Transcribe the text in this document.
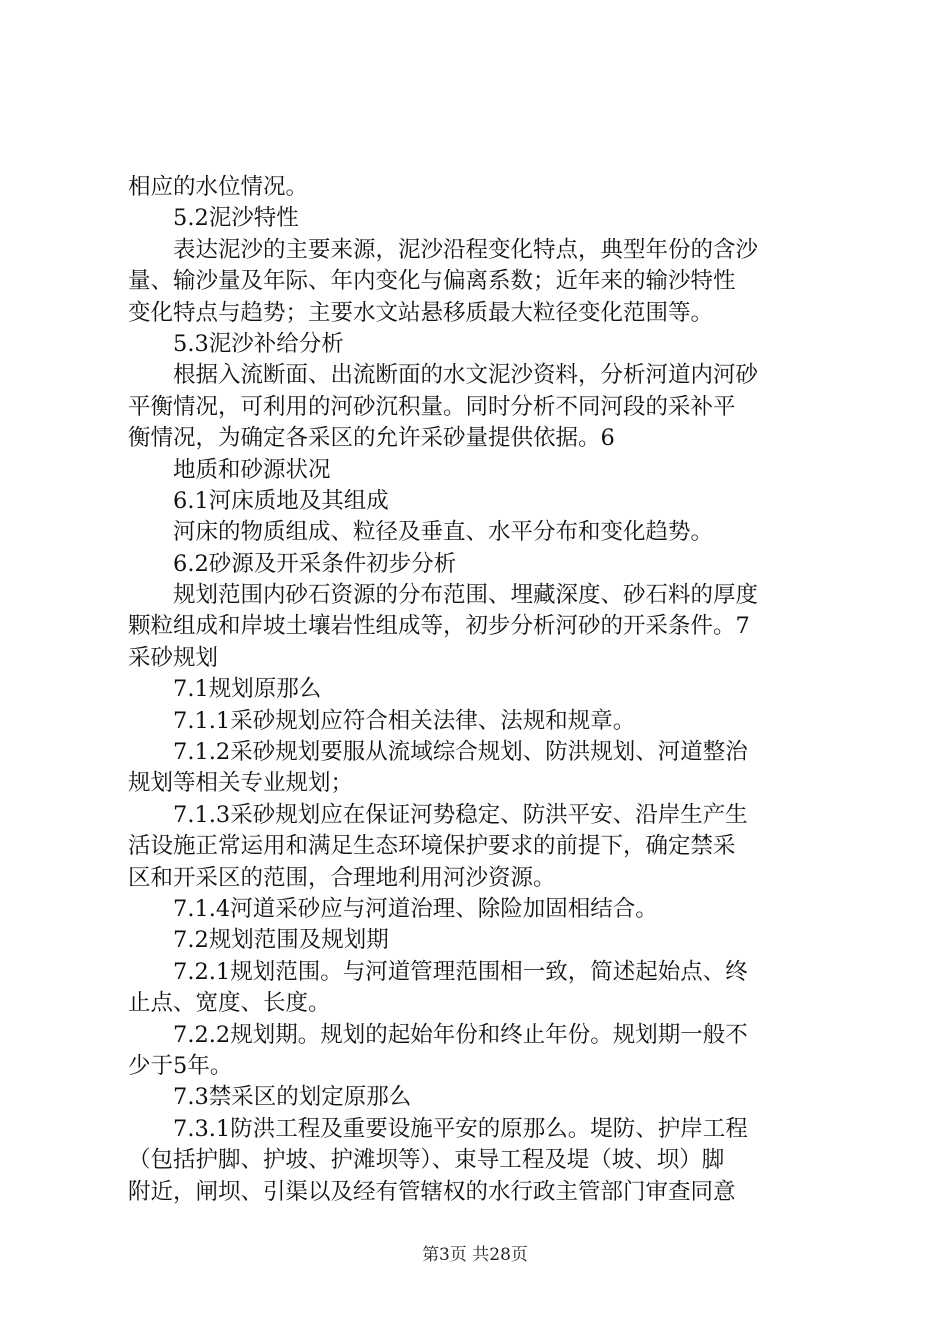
相应的水位情况。
5.2泥沙特性
表达泥沙的主要来源，泥沙沿程变化特点，典型年份的含沙
量、输沙量及年际、年内变化与偏离系数；近年来的输沙特性
变化特点与趋势；主要水文站悬移质最大粒径变化范围等。
5.3泥沙补给分析
根据入流断面、出流断面的水文泥沙资料，分析河道内河砂
平衡情况，可利用的河砂沉积量。同时分析不同河段的采补平
衡情况，为确定各采区的允许采砂量提供依据。6
地质和砂源状况
6.1河床质地及其组成
河床的物质组成、粒径及垂直、水平分布和变化趋势。
6.2砂源及开采条件初步分析
规划范围内砂石资源的分布范围、埋藏深度、砂石料的厚度
颗粒组成和岸坡土壤岩性组成等，初步分析河砂的开采条件。7
采砂规划
7.1规划原那么
7.1.1采砂规划应符合相关法律、法规和规章。
7.1.2采砂规划要服从流域综合规划、防洪规划、河道整治
规划等相关专业规划；
7.1.3采砂规划应在保证河势稳定、防洪平安、沿岸生产生
活设施正常运用和满足生态环境保护要求的前提下，确定禁采
区和开采区的范围，合理地利用河沙资源。
7.1.4河道采砂应与河道治理、除险加固相结合。
7.2规划范围及规划期
7.2.1规划范围。与河道管理范围相一致，简述起始点、终
止点、宽度、长度。
7.2.2规划期。规划的起始年份和终止年份。规划期一般不
少于5年。
7.3禁采区的划定原那么
7.3.1防洪工程及重要设施平安的原那么。堤防、护岸工程
（包括护脚、护坡、护滩坝等）、束导工程及堤（坡、坝）脚
附近，闸坝、引渠以及经有管辖权的水行政主管部门审查同意
第3页 共28页
